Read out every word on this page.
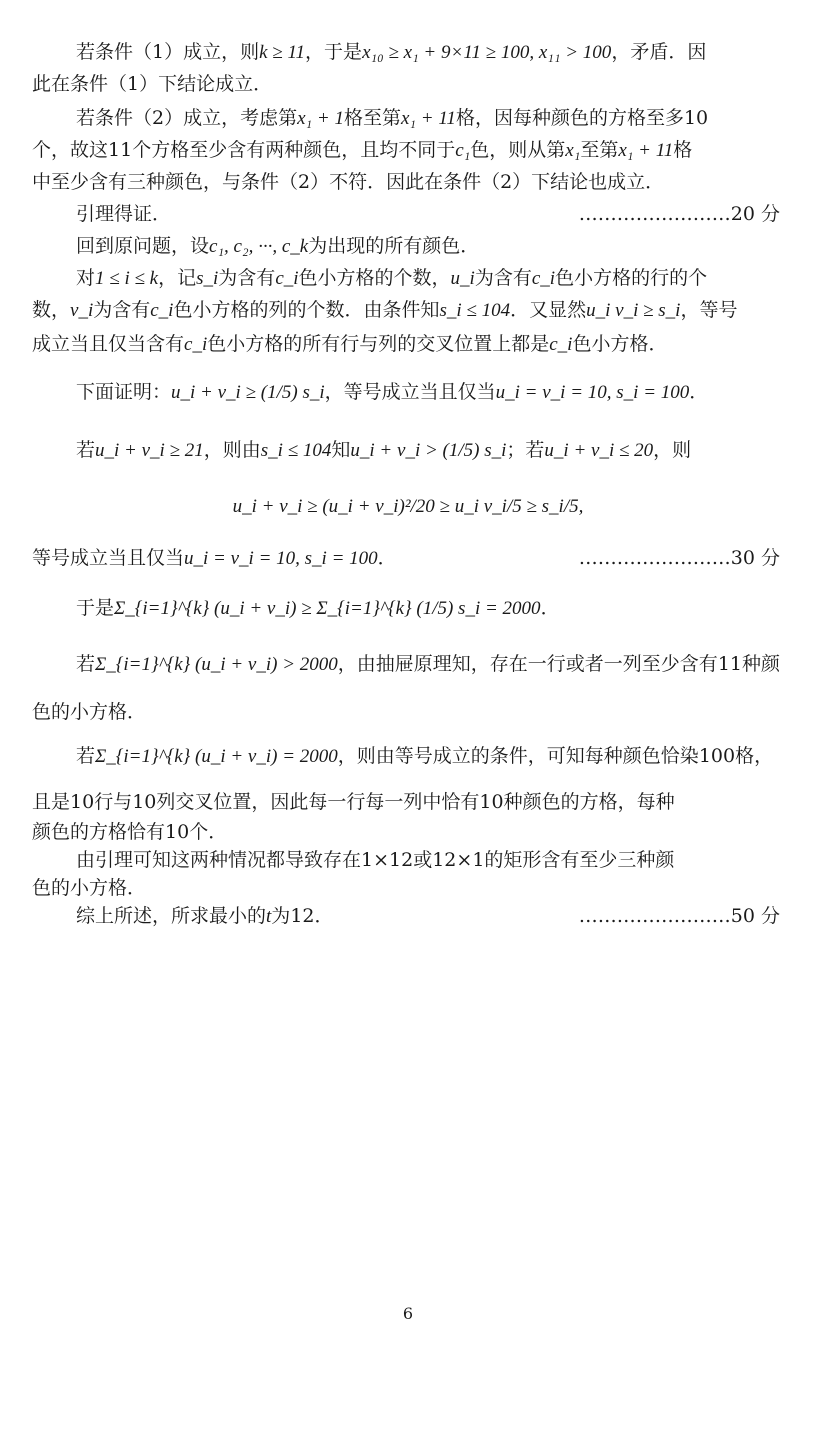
若条件（1）成立，则k ≥ 11，于是x₁₀ ≥ x₁ + 9×11 ≥ 100, x₁₁ > 100，矛盾．因
此在条件（1）下结论成立．
若条件（2）成立，考虑第x₁ + 1格至第x₁ + 11格，因每种颜色的方格至多10
个，故这11个方格至少含有两种颜色，且均不同于c₁色，则从第x₁至第x₁ + 11格
中至少含有三种颜色，与条件（2）不符．因此在条件（2）下结论也成立．
引理得证．	……………………20 分
回到原问题，设c₁, c₂, ···, c_k为出现的所有颜色．
对1 ≤ i ≤ k，记s_i为含有c_i色小方格的个数，u_i为含有c_i色小方格的行的个
数，v_i为含有c_i色小方格的列的个数．由条件知s_i ≤ 104．又显然u_i v_i ≥ s_i，等号
成立当且仅当含有c_i色小方格的所有行与列的交叉位置上都是c_i色小方格．
下面证明：u_i + v_i ≥ (1/5) s_i，等号成立当且仅当u_i = v_i = 10, s_i = 100．
若u_i + v_i ≥ 21，则由s_i ≤ 104知u_i + v_i > (1/5) s_i；若u_i + v_i ≤ 20，则
u_i + v_i ≥ (u_i + v_i)²/20 ≥ u_i v_i/5 ≥ s_i/5,
等号成立当且仅当u_i = v_i = 10, s_i = 100．	……………………30 分
于是Σ_{i=1}^{k} (u_i + v_i) ≥ Σ_{i=1}^{k} (1/5) s_i = 2000．
若Σ_{i=1}^{k} (u_i + v_i) > 2000，由抽屉原理知，存在一行或者一列至少含有11种颜
色的小方格．
若Σ_{i=1}^{k} (u_i + v_i) = 2000，则由等号成立的条件，可知每种颜色恰染100格，
且是10行与10列交叉位置，因此每一行每一列中恰有10种颜色的方格，每种
颜色的方格恰有10个．
由引理可知这两种情况都导致存在1×12或12×1的矩形含有至少三种颜
色的小方格．
综上所述，所求最小的t为12．	……………………50 分
6
